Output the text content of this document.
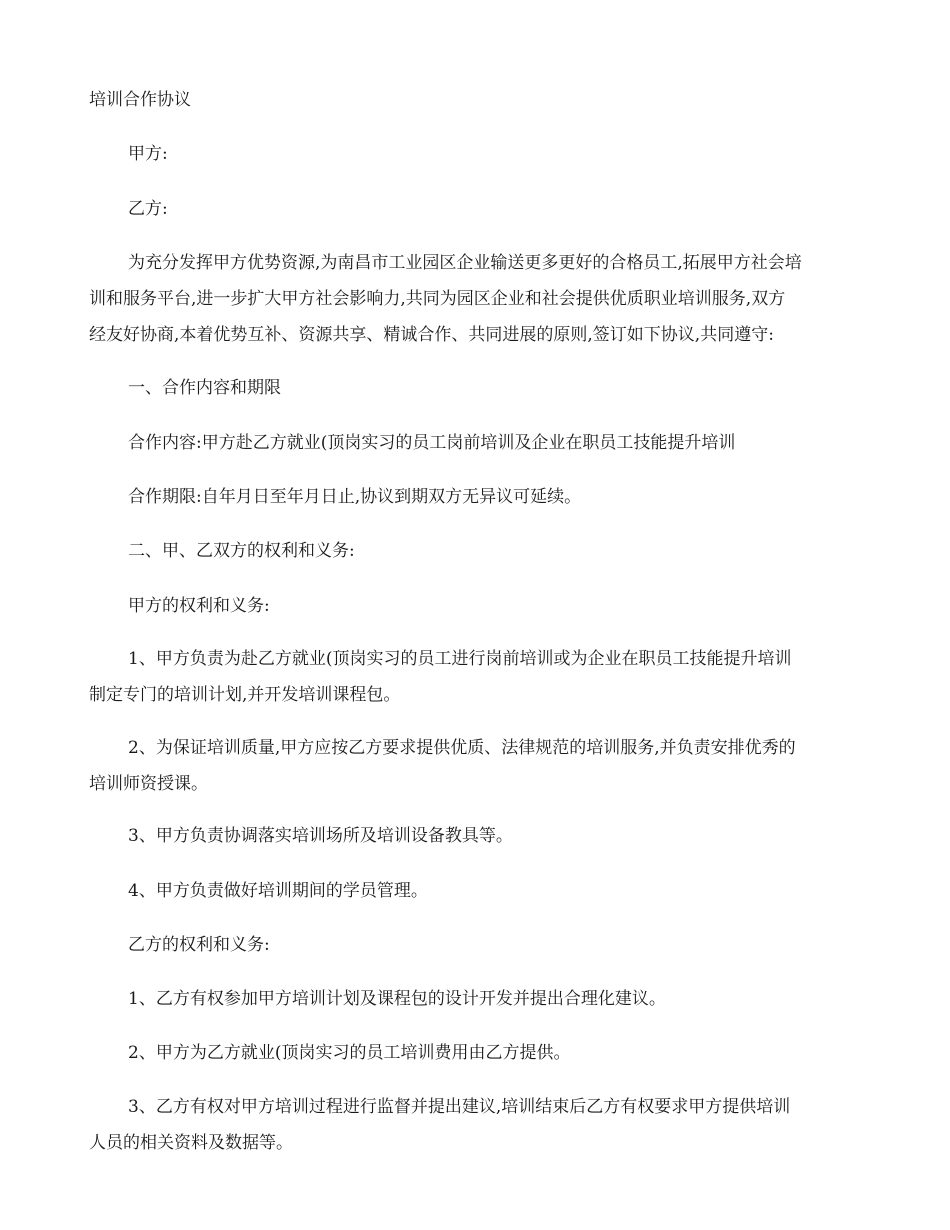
培训合作协议
甲方:
乙方:
为充分发挥甲方优势资源,为南昌市工业园区企业输送更多更好的合格员工,拓展甲方社会培
训和服务平台,进一步扩大甲方社会影响力,共同为园区企业和社会提供优质职业培训服务,双方
经友好协商,本着优势互补、资源共享、精诚合作、共同进展的原则,签订如下协议,共同遵守:
一、合作内容和期限
合作内容:甲方赴乙方就业(顶岗实习的员工岗前培训及企业在职员工技能提升培训
合作期限:自年月日至年月日止,协议到期双方无异议可延续。
二、甲、乙双方的权利和义务:
甲方的权利和义务:
1、甲方负责为赴乙方就业(顶岗实习的员工进行岗前培训或为企业在职员工技能提升培训
制定专门的培训计划,并开发培训课程包。
2、为保证培训质量,甲方应按乙方要求提供优质、法律规范的培训服务,并负责安排优秀的
培训师资授课。
3、甲方负责协调落实培训场所及培训设备教具等。
4、甲方负责做好培训期间的学员管理。
乙方的权利和义务:
1、乙方有权参加甲方培训计划及课程包的设计开发并提出合理化建议。
2、甲方为乙方就业(顶岗实习的员工培训费用由乙方提供。
3、乙方有权对甲方培训过程进行监督并提出建议,培训结束后乙方有权要求甲方提供培训
人员的相关资料及数据等。
